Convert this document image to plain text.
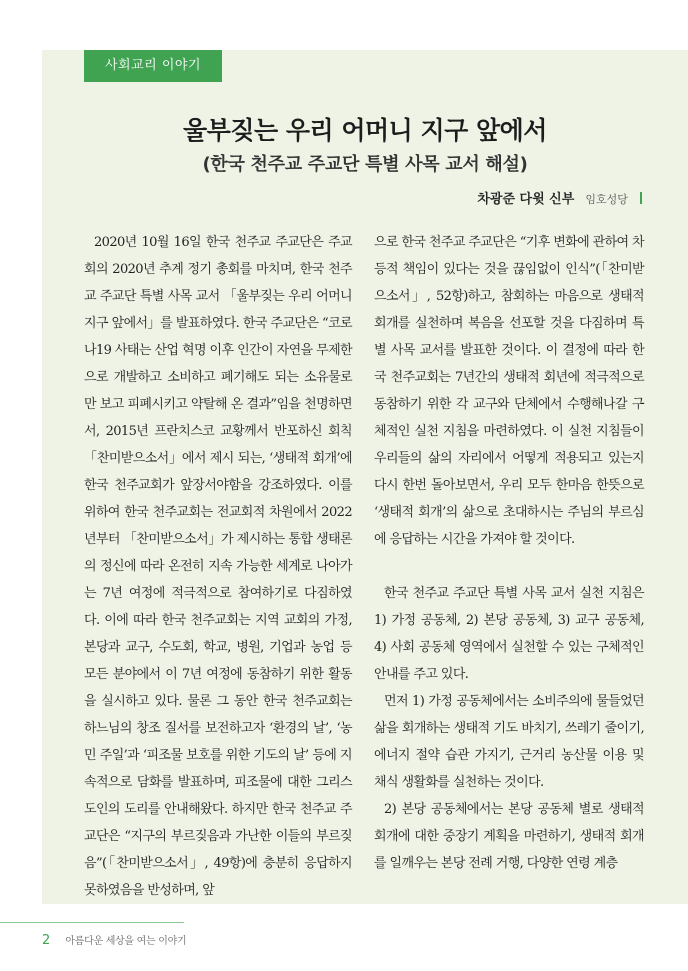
사회교리 이야기
울부짖는 우리 어머니 지구 앞에서
(한국 천주교 주교단 특별 사목 교서 해설)
차광준 다윗 신부 임호성당

2020년 10월 16일 한국 천주교 주교단은 주교회의 2020년 추계 정기 총회를 마치며, 한국 천주교 주교단 특별 사목 교서 「울부짖는 우리 어머니 지구 앞에서」를 발표하였다. 한국 주교단은 “코로나19 사태는 산업 혁명 이후 인간이 자연을 무제한으로 개발하고 소비하고 폐기해도 되는 소유물로만 보고 피폐시키고 약탈해 온 결과”임을 천명하면서, 2015년 프란치스코 교황께서 반포하신 회칙 「찬미받으소서」에서 제시 되는, ‘생태적 회개’에 한국 천주교회가 앞장서야함을 강조하였다. 이를 위하여 한국 천주교회는 전교회적 차원에서 2022년부터 「찬미받으소서」가 제시하는 통합 생태론의 정신에 따라 온전히 지속 가능한 세계로 나아가는 7년 여정에 적극적으로 참여하기로 다짐하였다. 이에 따라 한국 천주교회는 지역 교회의 가정, 본당과 교구, 수도회, 학교, 병원, 기업과 농업 등 모든 분야에서 이 7년 여정에 동참하기 위한 활동을 실시하고 있다. 물론 그 동안 한국 천주교회는 하느님의 창조 질서를 보전하고자 ‘환경의 날’, ‘농민 주일’과 ‘피조물 보호를 위한 기도의 날’ 등에 지속적으로 담화를 발표하며, 피조물에 대한 그리스도인의 도리를 안내해왔다. 하지만 한국 천주교 주교단은 “지구의 부르짖음과 가난한 이들의 부르짖음”(「찬미받으소서」, 49항)에 충분히 응답하지 못하였음을 반성하며, 앞

으로 한국 천주교 주교단은 “기후 변화에 관하여 차등적 책임이 있다는 것을 끊임없이 인식”(「찬미받으소서」, 52항)하고, 참회하는 마음으로 생태적 회개를 실천하며 복음을 선포할 것을 다짐하며 특별 사목 교서를 발표한 것이다. 이 결정에 따라 한국 천주교회는 7년간의 생태적 회년에 적극적으로 동참하기 위한 각 교구와 단체에서 수행해나갈 구체적인 실천 지침을 마련하였다. 이 실천 지침들이 우리들의 삶의 자리에서 어떻게 적용되고 있는지 다시 한번 돌아보면서, 우리 모두 한마음 한뜻으로 ‘생태적 회개’의 삶으로 초대하시는 주님의 부르심에 응답하는 시간을 가져야 할 것이다.

한국 천주교 주교단 특별 사목 교서 실천 지침은 1) 가정 공동체, 2) 본당 공동체, 3) 교구 공동체, 4) 사회 공동체 영역에서 실천할 수 있는 구체적인 안내를 주고 있다.

먼저 1) 가정 공동체에서는 소비주의에 물들었던 삶을 회개하는 생태적 기도 바치기, 쓰레기 줄이기, 에너지 절약 습관 가지기, 근거리 농산물 이용 및 채식 생활화를 실천하는 것이다.

2) 본당 공동체에서는 본당 공동체 별로 생태적 회개에 대한 중장기 계획을 마련하기, 생태적 회개를 일깨우는 본당 전례 거행, 다양한 연령 계층

2 아름다운 세상을 여는 이야기
